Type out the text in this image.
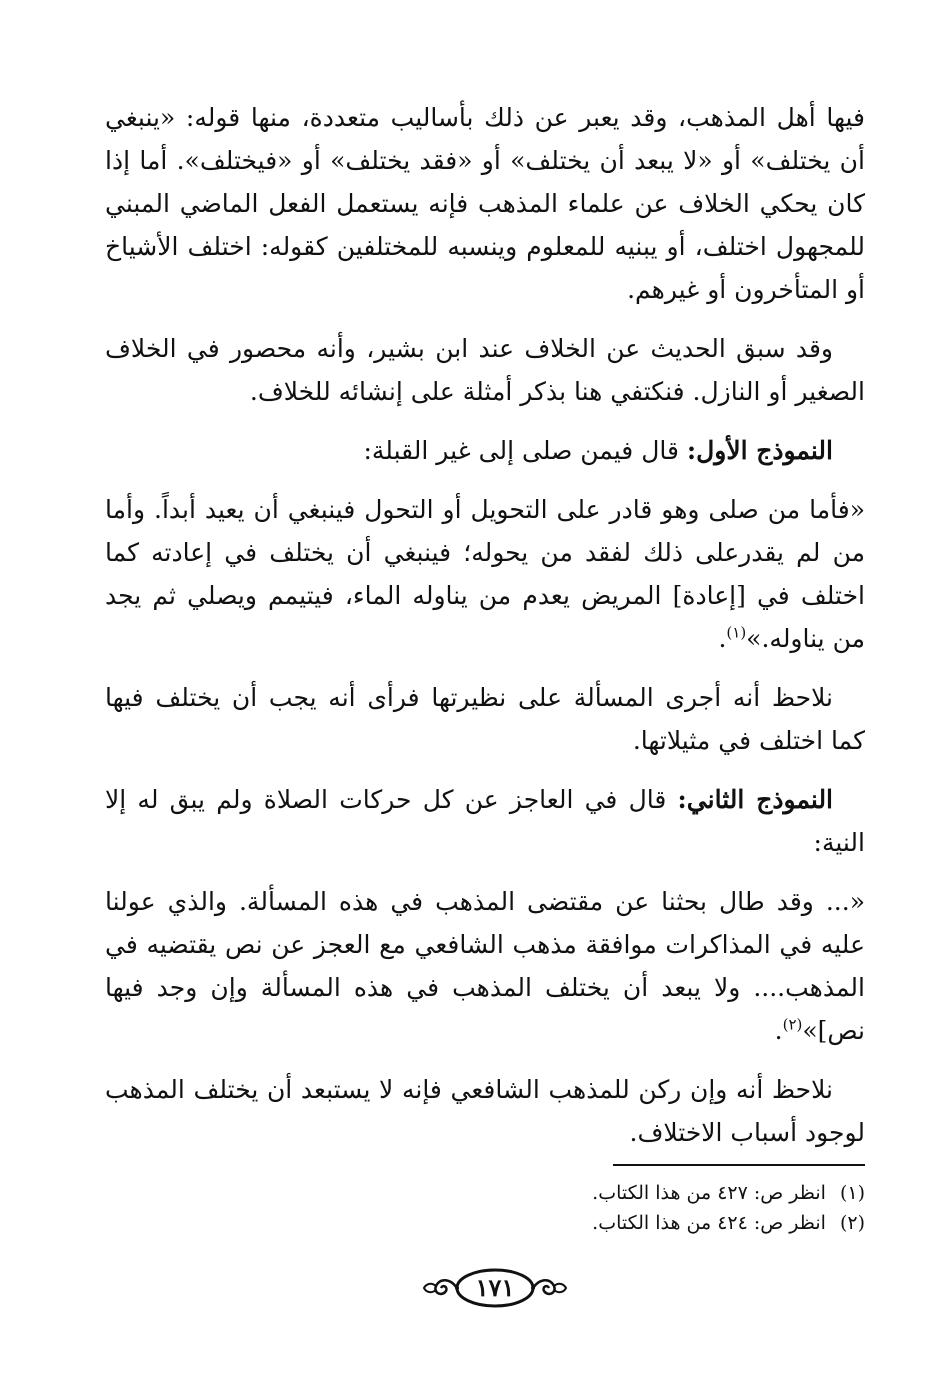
فيها أهل المذهب، وقد يعبر عن ذلك بأساليب متعددة، منها قوله: «ينبغي أن يختلف» أو «لا يبعد أن يختلف» أو «فقد يختلف» أو «فيختلف». أما إذا كان يحكي الخلاف عن علماء المذهب فإنه يستعمل الفعل الماضي المبني للمجهول اختلف، أو يبنيه للمعلوم وينسبه للمختلفين كقوله: اختلف الأشياخ أو المتأخرون أو غيرهم.

وقد سبق الحديث عن الخلاف عند ابن بشير، وأنه محصور في الخلاف الصغير أو النازل. فنكتفي هنا بذكر أمثلة على إنشائه للخلاف.

النموذج الأول: قال فيمن صلى إلى غير القبلة:

«فأما من صلى وهو قادر على التحويل أو التحول فينبغي أن يعيد أبداً. وأما من لم يقدرعلى ذلك لفقد من يحوله؛ فينبغي أن يختلف في إعادته كما اختلف في [إعادة] المريض يعدم من يناوله الماء، فيتيمم ويصلي ثم يجد من يناوله.»$^{(١)}$.

نلاحظ أنه أجرى المسألة على نظيرتها فرأى أنه يجب أن يختلف فيها كما اختلف في مثيلاتها.

النموذج الثاني: قال في العاجز عن كل حركات الصلاة ولم يبق له إلا النية:

«... وقد طال بحثنا عن مقتضى المذهب في هذه المسألة. والذي عولنا عليه في المذاكرات موافقة مذهب الشافعي مع العجز عن نص يقتضيه في المذهب.... ولا يبعد أن يختلف المذهب في هذه المسألة وإن وجد فيها نص]»$^{(٢)}$.

نلاحظ أنه وإن ركن للمذهب الشافعي فإنه لا يستبعد أن يختلف المذهب لوجود أسباب الاختلاف.

(١)انظر ص: ٤٢٧ من هذا الكتاب.
(٢)انظر ص: ٤٢٤ من هذا الكتاب.
١٧١
